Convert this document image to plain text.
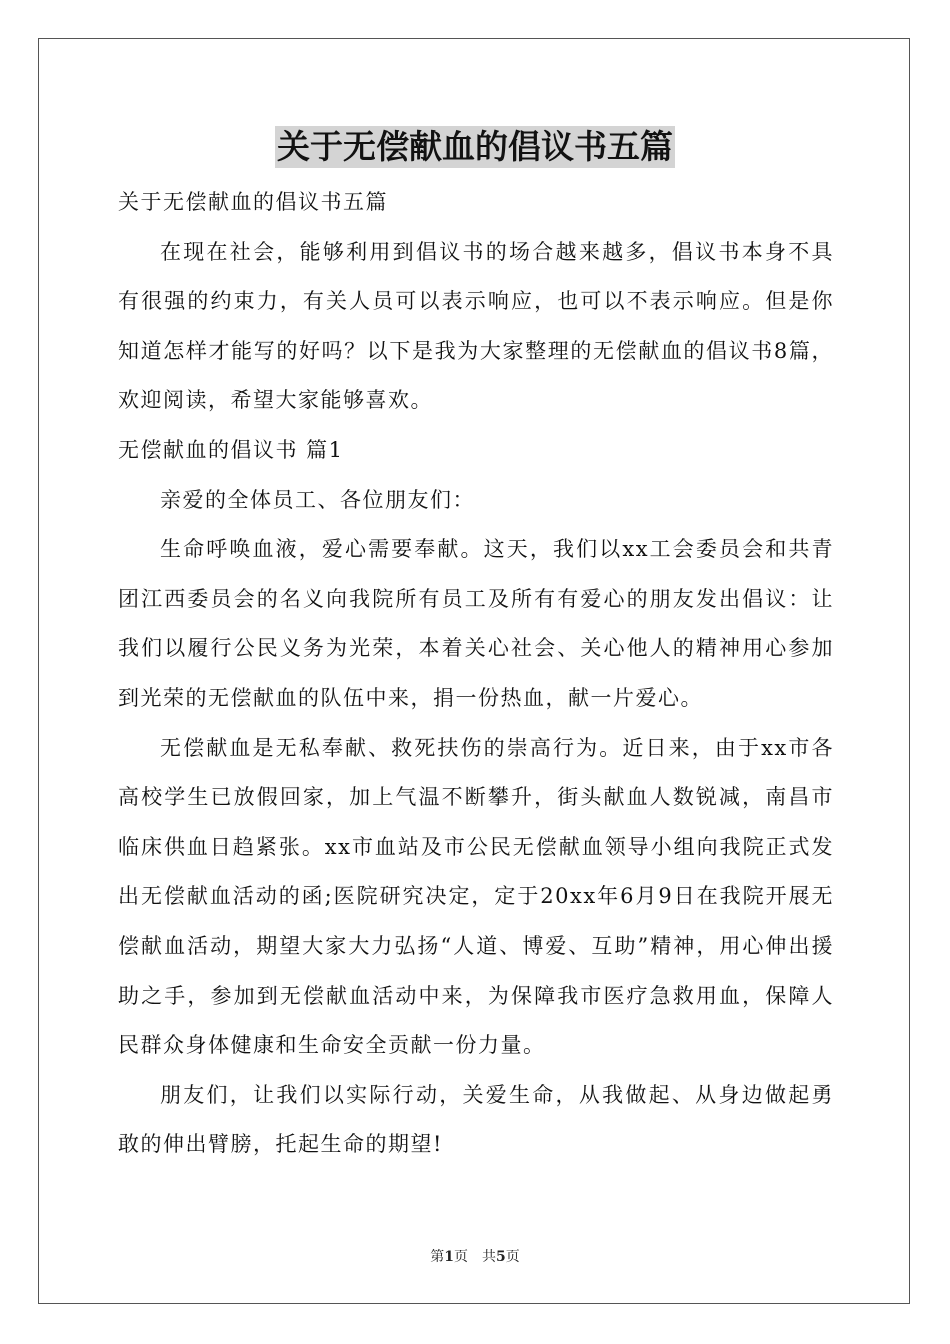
关于无偿献血的倡议书五篇

关于无偿献血的倡议书五篇

在现在社会，能够利用到倡议书的场合越来越多，倡议书本身不具有很强的约束力，有关人员可以表示响应，也可以不表示响应。但是你知道怎样才能写的好吗？以下是我为大家整理的无偿献血的倡议书8篇，欢迎阅读，希望大家能够喜欢。

无偿献血的倡议书 篇1

亲爱的全体员工、各位朋友们：

生命呼唤血液，爱心需要奉献。这天，我们以xx工会委员会和共青团江西委员会的名义向我院所有员工及所有有爱心的朋友发出倡议：让我们以履行公民义务为光荣，本着关心社会、关心他人的精神用心参加到光荣的无偿献血的队伍中来，捐一份热血，献一片爱心。

无偿献血是无私奉献、救死扶伤的崇高行为。近日来，由于xx市各高校学生已放假回家，加上气温不断攀升，街头献血人数锐减，南昌市临床供血日趋紧张。xx市血站及市公民无偿献血领导小组向我院正式发出无偿献血活动的函;医院研究决定，定于20xx年6月9日在我院开展无偿献血活动，期望大家大力弘扬“人道、博爱、互助”精神，用心伸出援助之手，参加到无偿献血活动中来，为保障我市医疗急救用血，保障人民群众身体健康和生命安全贡献一份力量。

朋友们，让我们以实际行动，关爱生命，从我做起、从身边做起勇敢的伸出臂膀，托起生命的期望!

第1页 共5页
